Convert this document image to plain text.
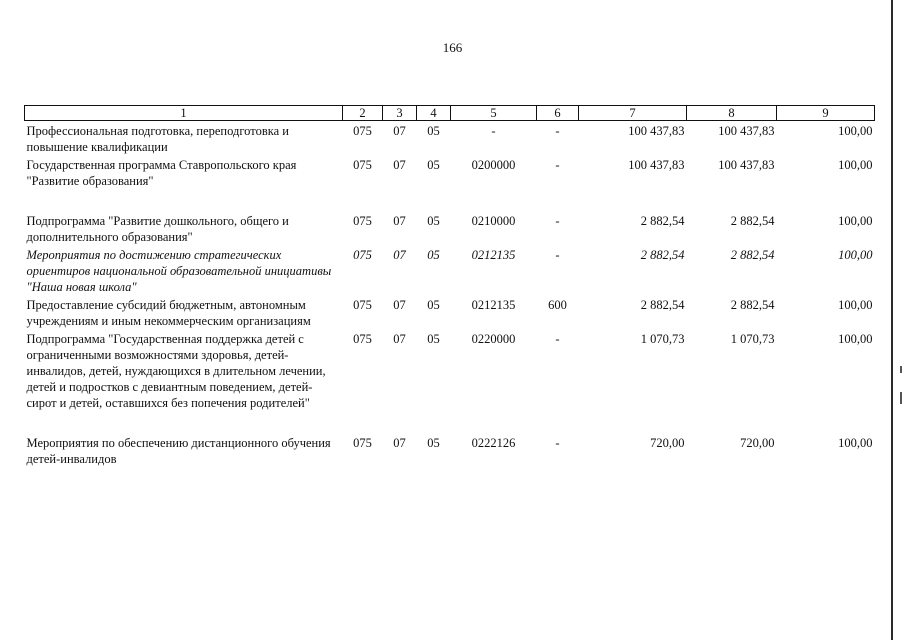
166
1	2	3	4	5	6	7	8	9
Профессиональная подготовка, переподготовка и повышение квалификации	075	07	05	-	-	100 437,83	100 437,83	100,00
Государственная программа Ставропольского края "Развитие образования"	075	07	05	0200000	-	100 437,83	100 437,83	100,00
Подпрограмма "Развитие дошкольного, общего и дополнительного образования"	075	07	05	0210000	-	2 882,54	2 882,54	100,00
Мероприятия по достижению стратегических ориентиров национальной образовательной инициативы "Наша новая школа"	075	07	05	0212135	-	2 882,54	2 882,54	100,00
Предоставление субсидий бюджетным, автономным учреждениям и иным некоммерческим организациям	075	07	05	0212135	600	2 882,54	2 882,54	100,00
Подпрограмма "Государственная поддержка детей с ограниченными возможностями здоровья, детей-инвалидов, детей, нуждающихся в длительном лечении, детей и подростков с девиантным поведением, детей-сирот и детей, оставшихся без попечения родителей"	075	07	05	0220000	-	1 070,73	1 070,73	100,00
Мероприятия по обеспечению дистанционного обучения детей-инвалидов	075	07	05	0222126	-	720,00	720,00	100,00
